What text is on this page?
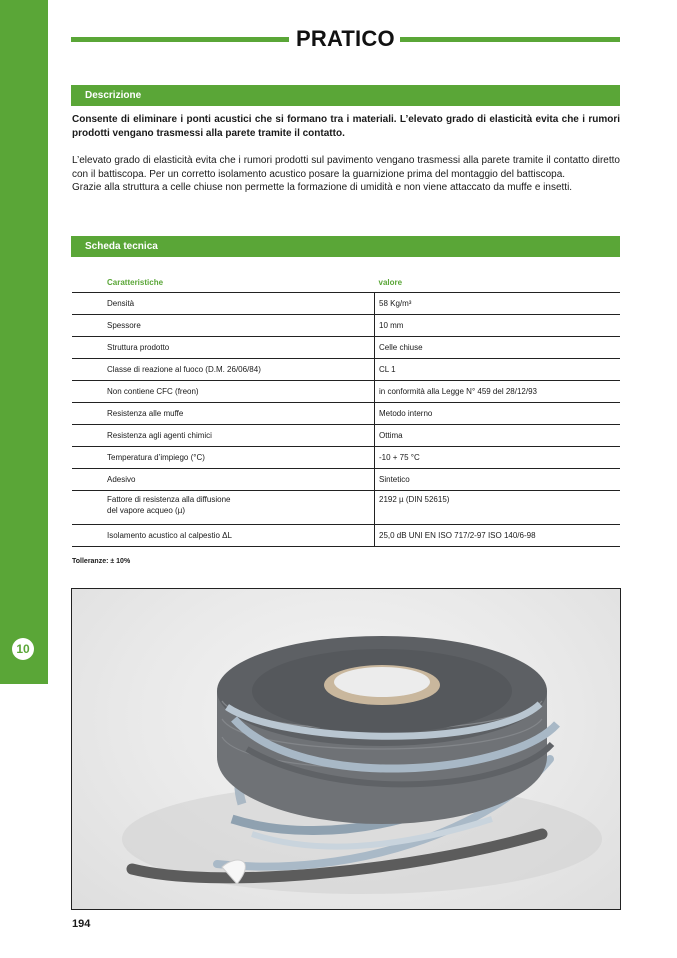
10
PRATICO
Descrizione
Consente di eliminare i ponti acustici che si formano tra i materiali. L’elevato grado di elasticità evita che i rumori prodotti vengano trasmessi alla parete tramite il contatto.

L’elevato grado di elasticità evita che i rumori prodotti sul pavimento vengano trasmessi alla parete tramite il contatto diretto con il battiscopa. Per un corretto isolamento acustico posare la guarnizione prima del montaggio del battiscopa.

Grazie alla struttura a celle chiuse non permette la formazione di umidità e non viene attaccato da muffe e insetti.

Scheda tecnica
Caratteristiche	valore
Densità	58 Kg/m³
Spessore	10 mm
Struttura prodotto	Celle chiuse
Classe di reazione al fuoco (D.M. 26/06/84)	CL 1
Non contiene CFC (freon)	in conformità alla Legge N° 459 del 28/12/93
Resistenza alle muffe	Metodo interno
Resistenza agli agenti chimici	Ottima
Temperatura d’impiego (°C)	-10 + 75 °C
Adesivo	Sintetico
Fattore di resistenza alla diffusione
del vapore acqueo (µ)	2192 µ (DIN 52615)
Isolamento acustico al calpestio ΔL	25,0 dB UNI EN ISO 717/2-97 ISO 140/6-98
Tolleranze: ± 10%
194
